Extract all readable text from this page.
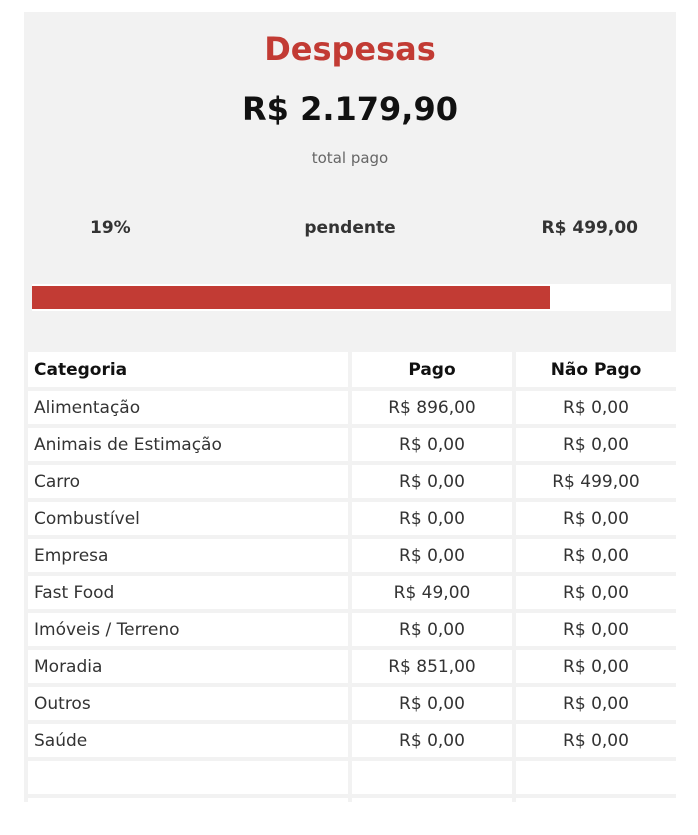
Despesas
R$ 2.179,90
total pago
19%	pendente	R$ 499,00
Categoria	Pago	Não Pago
Alimentação	R$ 896,00	R$ 0,00
Animais de Estimação	R$ 0,00	R$ 0,00
Carro	R$ 0,00	R$ 499,00
Combustível	R$ 0,00	R$ 0,00
Empresa	R$ 0,00	R$ 0,00
Fast Food	R$ 49,00	R$ 0,00
Imóveis / Terreno	R$ 0,00	R$ 0,00
Moradia	R$ 851,00	R$ 0,00
Outros	R$ 0,00	R$ 0,00
Saúde	R$ 0,00	R$ 0,00
